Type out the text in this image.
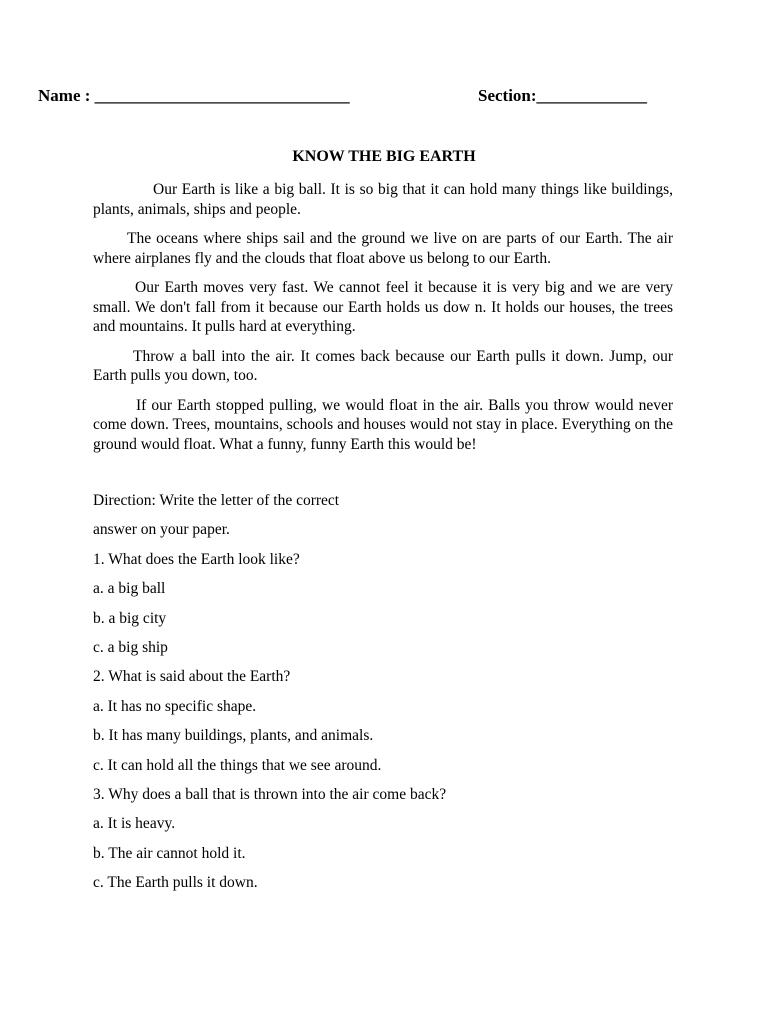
Name : ______________________________

	Section:_____________

KNOW THE BIG EARTH

Our Earth is like a big ball. It is so big that it can hold many things like buildings, plants, animals, ships and people.

The oceans where ships sail and the ground we live on are parts of our Earth. The air where airplanes fly and the clouds that float above us belong to our Earth.

Our Earth moves very fast. We cannot feel it because it is very big and we are very small. We don't fall from it because our Earth holds us dow n. It holds our houses, the trees and mountains. It pulls hard at everything.

Throw a ball into the air. It comes back because our Earth pulls it down. Jump, our Earth pulls you down, too.

If our Earth stopped pulling, we would float in the air. Balls you throw would never come down. Trees, mountains, schools and houses would not stay in place. Everything on the ground would float. What a funny, funny Earth this would be!

Direction: Write the letter of the correct
answer on your paper.
1. What does the Earth look like?
a. a big ball
b. a big city
c. a big ship
2. What is said about the Earth?
a. It has no specific shape.
b. It has many buildings, plants, and animals.
c. It can hold all the things that we see around.
3. Why does a ball that is thrown into the air come back?
a. It is heavy.
b. The air cannot hold it.
c. The Earth pulls it down.
